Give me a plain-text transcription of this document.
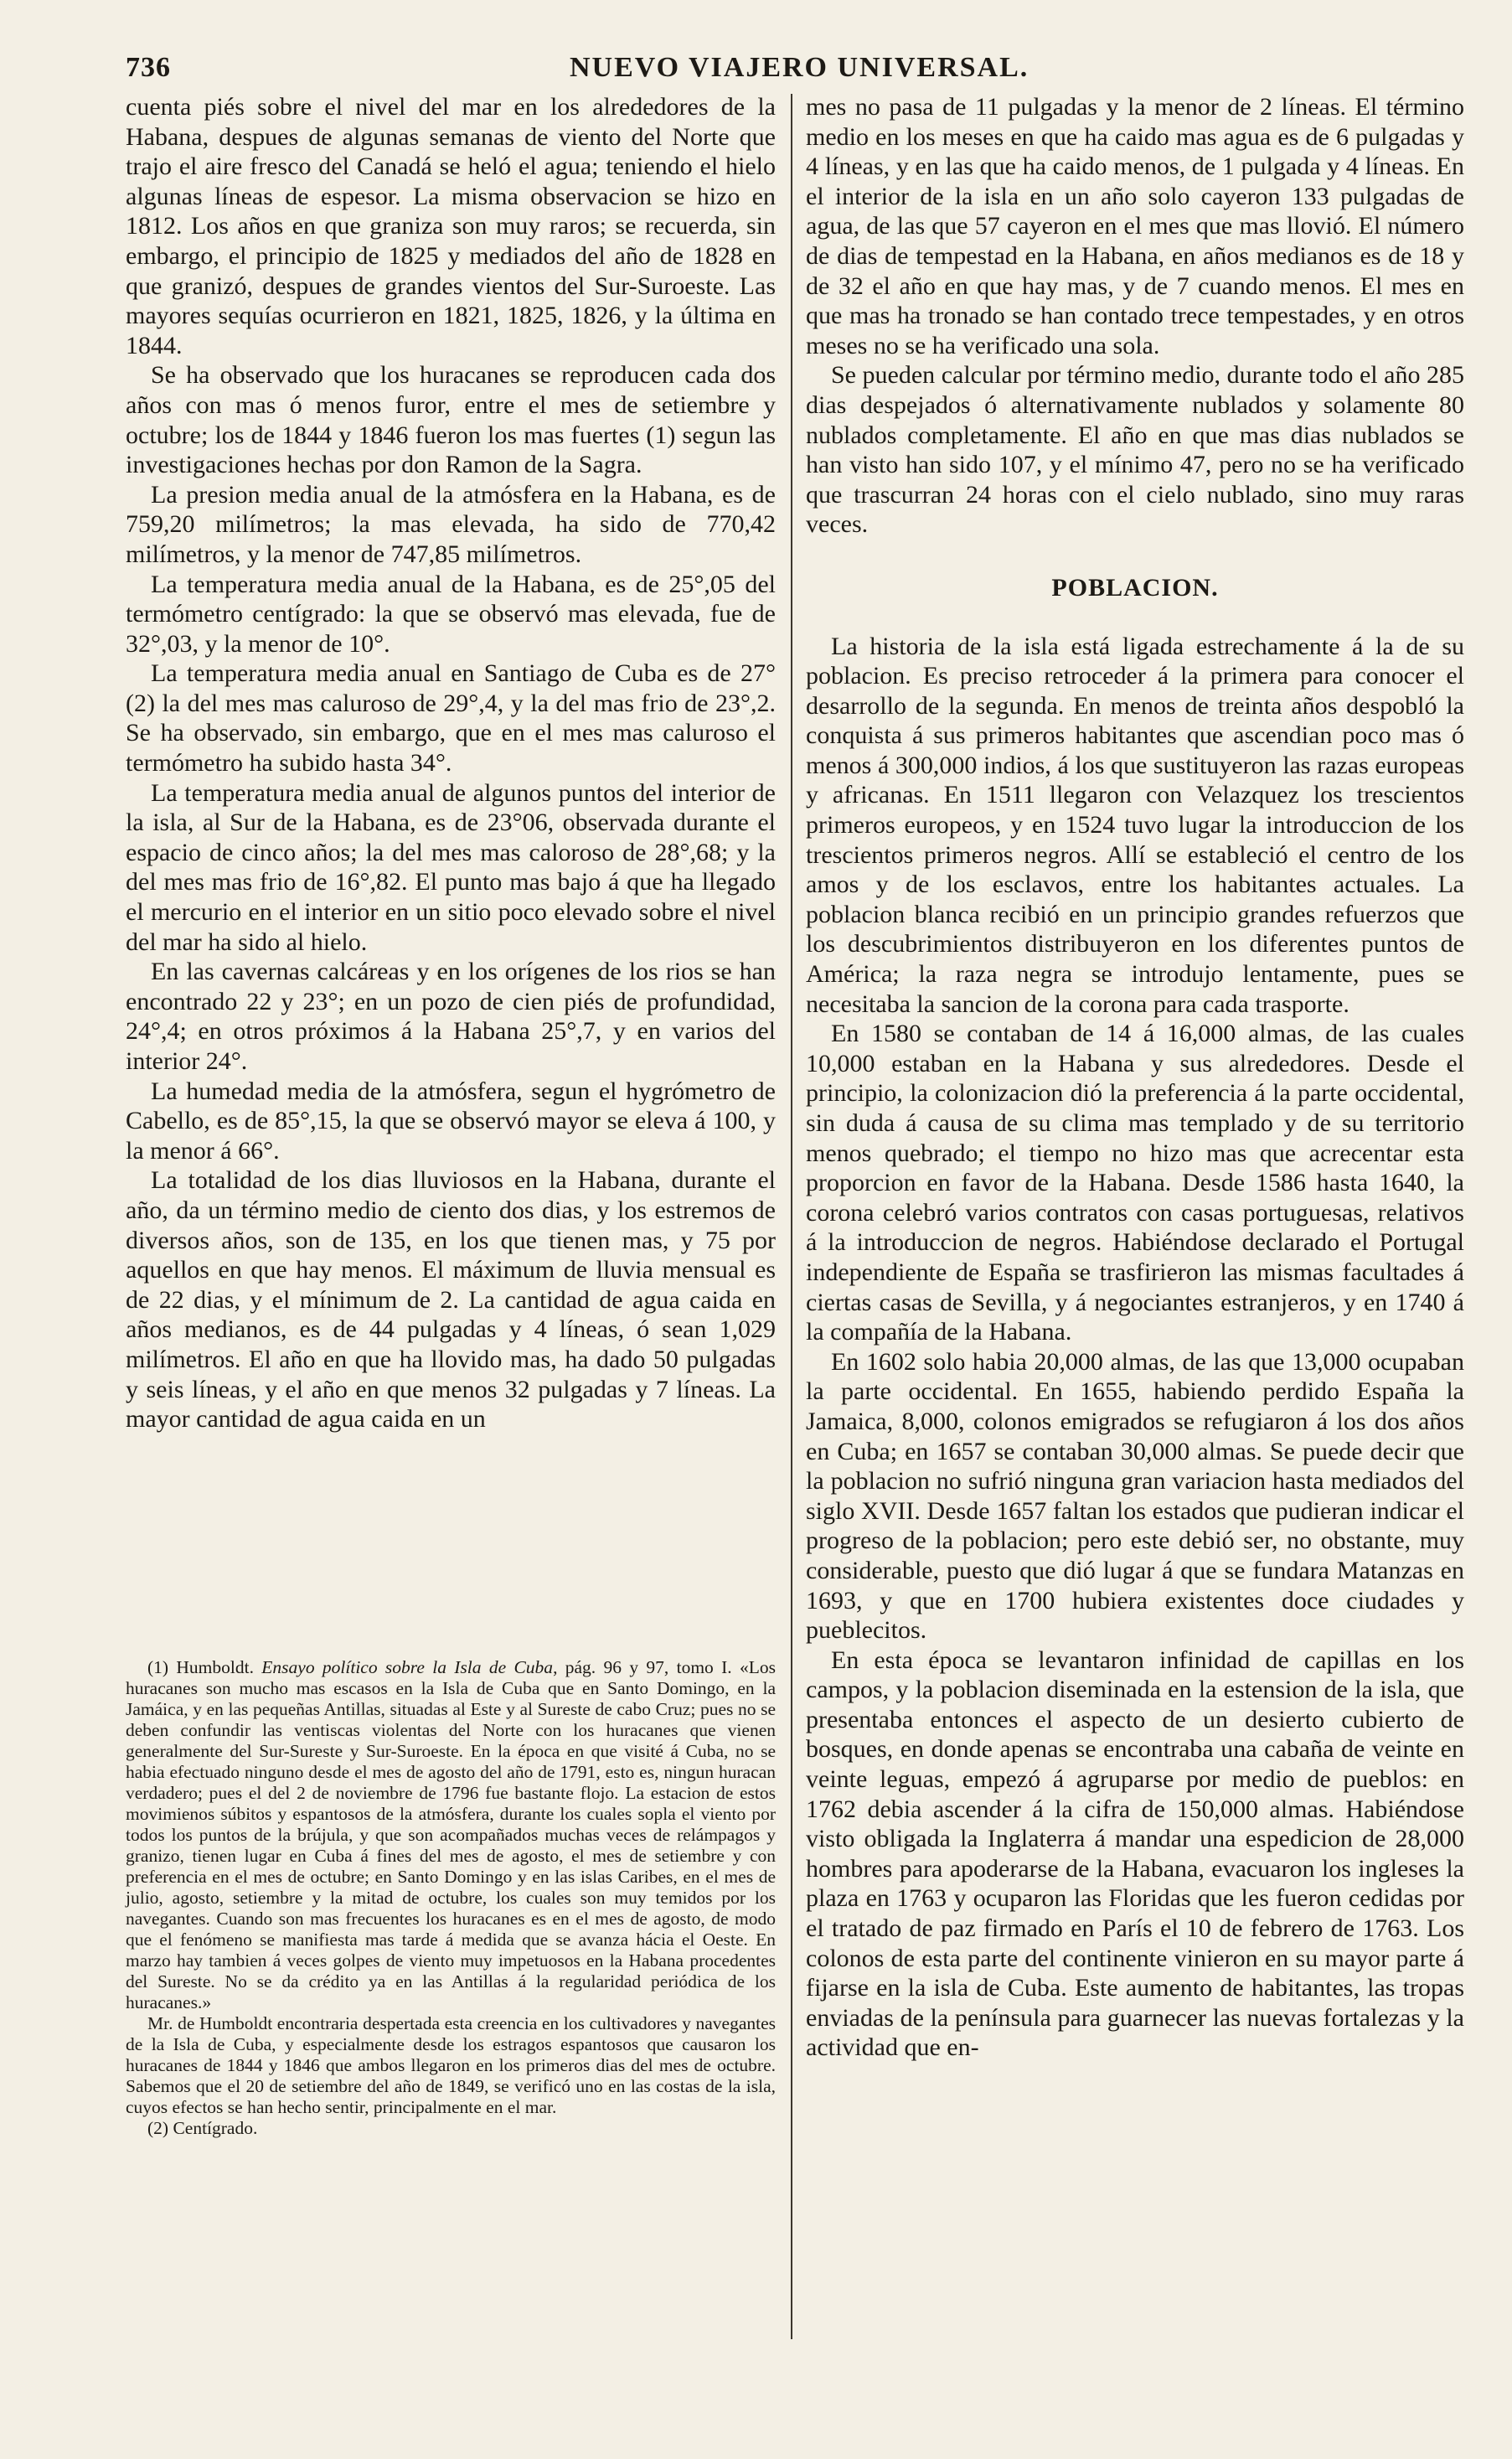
736	NUEVO VIAJERO UNIVERSAL.

cuenta piés sobre el nivel del mar en los alrededores de la Habana, despues de algunas semanas de viento del Norte que trajo el aire fresco del Canadá se heló el agua; teniendo el hielo algunas líneas de espesor. La misma observacion se hizo en 1812. Los años en que graniza son muy raros; se recuerda, sin embargo, el principio de 1825 y mediados del año de 1828 en que granizó, despues de grandes vientos del Sur-Suroeste. Las mayores sequías ocurrieron en 1821, 1825, 1826, y la última en 1844.

Se ha observado que los huracanes se reproducen cada dos años con mas ó menos furor, entre el mes de setiembre y octubre; los de 1844 y 1846 fueron los mas fuertes (1) segun las investigaciones hechas por don Ramon de la Sagra.

La presion media anual de la atmósfera en la Habana, es de 759,20 milímetros; la mas elevada, ha sido de 770,42 milímetros, y la menor de 747,85 milímetros.

La temperatura media anual de la Habana, es de 25°,05 del termómetro centígrado: la que se observó mas elevada, fue de 32°,03, y la menor de 10°.

La temperatura media anual en Santiago de Cuba es de 27° (2) la del mes mas caluroso de 29°,4, y la del mas frio de 23°,2. Se ha observado, sin embargo, que en el mes mas caluroso el termómetro ha subido hasta 34°.

La temperatura media anual de algunos puntos del interior de la isla, al Sur de la Habana, es de 23°06, observada durante el espacio de cinco años; la del mes mas caloroso de 28°,68; y la del mes mas frio de 16°,82. El punto mas bajo á que ha llegado el mercurio en el interior en un sitio poco elevado sobre el nivel del mar ha sido al hielo.

En las cavernas calcáreas y en los orígenes de los rios se han encontrado 22 y 23°; en un pozo de cien piés de profundidad, 24°,4; en otros próximos á la Habana 25°,7, y en varios del interior 24°.

La humedad media de la atmósfera, segun el hygrómetro de Cabello, es de 85°,15, la que se observó mayor se eleva á 100, y la menor á 66°.

La totalidad de los dias lluviosos en la Habana, durante el año, da un término medio de ciento dos dias, y los estremos de diversos años, son de 135, en los que tienen mas, y 75 por aquellos en que hay menos. El máximum de lluvia mensual es de 22 dias, y el mínimum de 2. La cantidad de agua caida en años medianos, es de 44 pulgadas y 4 líneas, ó sean 1,029 milímetros. El año en que ha llovido mas, ha dado 50 pulgadas y seis líneas, y el año en que menos 32 pulgadas y 7 líneas. La mayor cantidad de agua caida en un

(1) Humboldt. Ensayo político sobre la Isla de Cuba, pág. 96 y 97, tomo I. «Los huracanes son mucho mas escasos en la Isla de Cuba que en Santo Domingo, en la Jamáica, y en las pequeñas Antillas, situadas al Este y al Sureste de cabo Cruz; pues no se deben confundir las ventiscas violentas del Norte con los huracanes que vienen generalmente del Sur-Sureste y Sur-Suroeste. En la época en que visité á Cuba, no se habia efectuado ninguno desde el mes de agosto del año de 1791, esto es, ningun huracan verdadero; pues el del 2 de noviembre de 1796 fue bastante flojo. La estacion de estos movimienos súbitos y espantosos de la atmósfera, durante los cuales sopla el viento por todos los puntos de la brújula, y que son acompañados muchas veces de relámpagos y granizo, tienen lugar en Cuba á fines del mes de agosto, el mes de setiembre y con preferencia en el mes de octubre; en Santo Domingo y en las islas Caribes, en el mes de julio, agosto, setiembre y la mitad de octubre, los cuales son muy temidos por los navegantes. Cuando son mas frecuentes los huracanes es en el mes de agosto, de modo que el fenómeno se manifiesta mas tarde á medida que se avanza hácia el Oeste. En marzo hay tambien á veces golpes de viento muy impetuosos en la Habana procedentes del Sureste. No se da crédito ya en las Antillas á la regularidad periódica de los huracanes.»

Mr. de Humboldt encontraria despertada esta creencia en los cultivadores y navegantes de la Isla de Cuba, y especialmente desde los estragos espantosos que causaron los huracanes de 1844 y 1846 que ambos llegaron en los primeros dias del mes de octubre. Sabemos que el 20 de setiembre del año de 1849, se verificó uno en las costas de la isla, cuyos efectos se han hecho sentir, principalmente en el mar.

(2) Centígrado.

mes no pasa de 11 pulgadas y la menor de 2 líneas. El término medio en los meses en que ha caido mas agua es de 6 pulgadas y 4 líneas, y en las que ha caido menos, de 1 pulgada y 4 líneas. En el interior de la isla en un año solo cayeron 133 pulgadas de agua, de las que 57 cayeron en el mes que mas llovió. El número de dias de tempestad en la Habana, en años medianos es de 18 y de 32 el año en que hay mas, y de 7 cuando menos. El mes en que mas ha tronado se han contado trece tempestades, y en otros meses no se ha verificado una sola.

Se pueden calcular por término medio, durante todo el año 285 dias despejados ó alternativamente nublados y solamente 80 nublados completamente. El año en que mas dias nublados se han visto han sido 107, y el mínimo 47, pero no se ha verificado que trascurran 24 horas con el cielo nublado, sino muy raras veces.

POBLACION.

La historia de la isla está ligada estrechamente á la de su poblacion. Es preciso retroceder á la primera para conocer el desarrollo de la segunda. En menos de treinta años despobló la conquista á sus primeros habitantes que ascendian poco mas ó menos á 300,000 indios, á los que sustituyeron las razas europeas y africanas. En 1511 llegaron con Velazquez los trescientos primeros europeos, y en 1524 tuvo lugar la introduccion de los trescientos primeros negros. Allí se estableció el centro de los amos y de los esclavos, entre los habitantes actuales. La poblacion blanca recibió en un principio grandes refuerzos que los descubrimientos distribuyeron en los diferentes puntos de América; la raza negra se introdujo lentamente, pues se necesitaba la sancion de la corona para cada trasporte.

En 1580 se contaban de 14 á 16,000 almas, de las cuales 10,000 estaban en la Habana y sus alrededores. Desde el principio, la colonizacion dió la preferencia á la parte occidental, sin duda á causa de su clima mas templado y de su territorio menos quebrado; el tiempo no hizo mas que acrecentar esta proporcion en favor de la Habana. Desde 1586 hasta 1640, la corona celebró varios contratos con casas portuguesas, relativos á la introduccion de negros. Habiéndose declarado el Portugal independiente de España se trasfirieron las mismas facultades á ciertas casas de Sevilla, y á negociantes estranjeros, y en 1740 á la compañía de la Habana.

En 1602 solo habia 20,000 almas, de las que 13,000 ocupaban la parte occidental. En 1655, habiendo perdido España la Jamaica, 8,000, colonos emigrados se refugiaron á los dos años en Cuba; en 1657 se contaban 30,000 almas. Se puede decir que la poblacion no sufrió ninguna gran variacion hasta mediados del siglo XVII. Desde 1657 faltan los estados que pudieran indicar el progreso de la poblacion; pero este debió ser, no obstante, muy considerable, puesto que dió lugar á que se fundara Matanzas en 1693, y que en 1700 hubiera existentes doce ciudades y pueblecitos.

En esta época se levantaron infinidad de capillas en los campos, y la poblacion diseminada en la estension de la isla, que presentaba entonces el aspecto de un desierto cubierto de bosques, en donde apenas se encontraba una cabaña de veinte en veinte leguas, empezó á agruparse por medio de pueblos: en 1762 debia ascender á la cifra de 150,000 almas. Habiéndose visto obligada la Inglaterra á mandar una espedicion de 28,000 hombres para apoderarse de la Habana, evacuaron los ingleses la plaza en 1763 y ocuparon las Floridas que les fueron cedidas por el tratado de paz firmado en París el 10 de febrero de 1763. Los colonos de esta parte del continente vinieron en su mayor parte á fijarse en la isla de Cuba. Este aumento de habitantes, las tropas enviadas de la península para guarnecer las nuevas fortalezas y la actividad que en-
